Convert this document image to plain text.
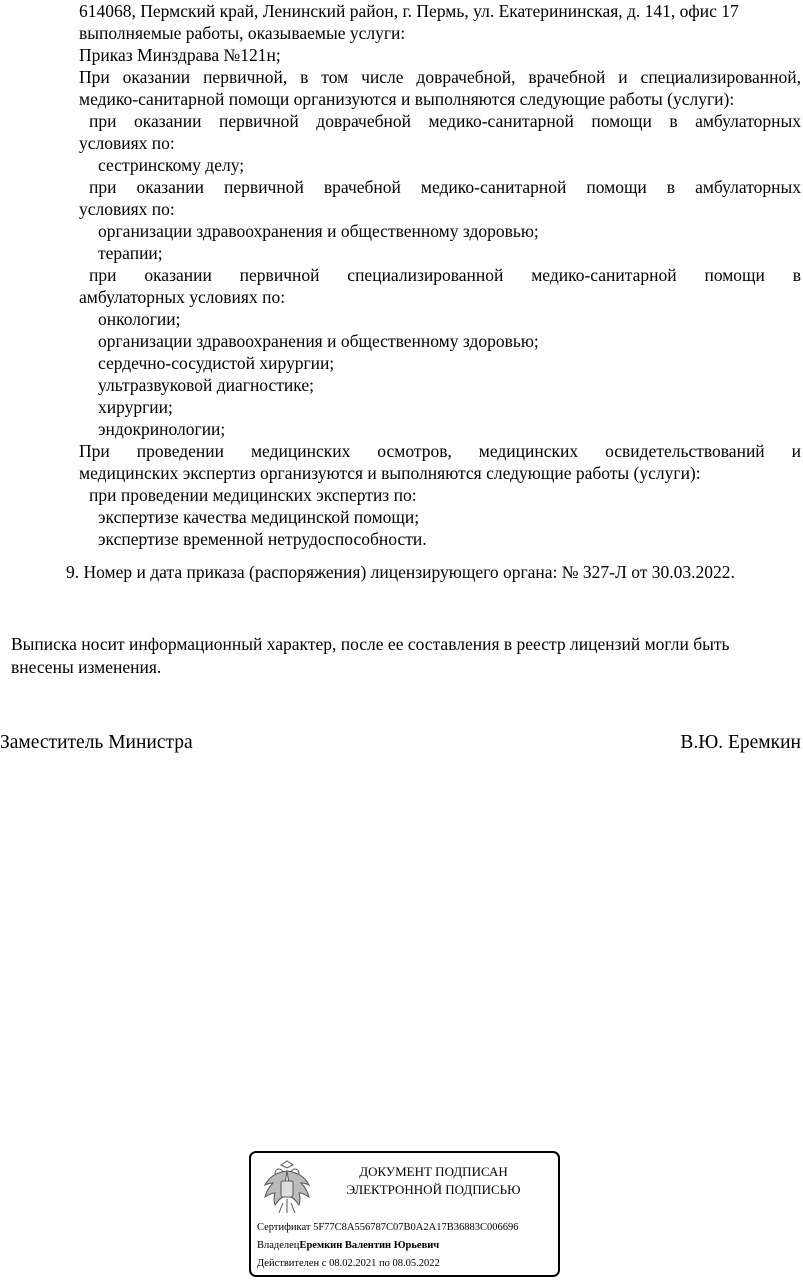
614068, Пермский край, Ленинский район, г. Пермь, ул. Екатерининская, д. 141, офис 17
выполняемые работы, оказываемые услуги:
Приказ Минздрава №121н;
При оказании первичной, в том числе доврачебной, врачебной и специализированной,
медико-санитарной помощи организуются и выполняются следующие работы (услуги):
при оказании первичной доврачебной медико-санитарной помощи в амбулаторных
условиях по:
сестринскому делу;
при оказании первичной врачебной медико-санитарной помощи в амбулаторных
условиях по:
организации здравоохранения и общественному здоровью;
терапии;
при оказании первичной специализированной медико-санитарной помощи в
амбулаторных условиях по:
онкологии;
организации здравоохранения и общественному здоровью;
сердечно-сосудистой хирургии;
ультразвуковой диагностике;
хирургии;
эндокринологии;
При проведении медицинских осмотров, медицинских освидетельствований и
медицинских экспертиз организуются и выполняются следующие работы (услуги):
при проведении медицинских экспертиз по:
экспертизе качества медицинской помощи;
экспертизе временной нетрудоспособности.
9. Номер и дата приказа (распоряжения) лицензирующего органа: № 327-Л от 30.03.2022.
Выписка носит информационный характер, после ее составления в реестр лицензий могли быть
внесены изменения.
Заместитель Министра	В.Ю. Еремкин
ДОКУМЕНТ ПОДПИСАН
ЭЛЕКТРОННОЙ ПОДПИСЬЮ
Сертификат 5F77C8A556787C07B0A2A17B36883C006696
ВладелецЕремкин Валентин Юрьевич
Действителен с 08.02.2021 по 08.05.2022
